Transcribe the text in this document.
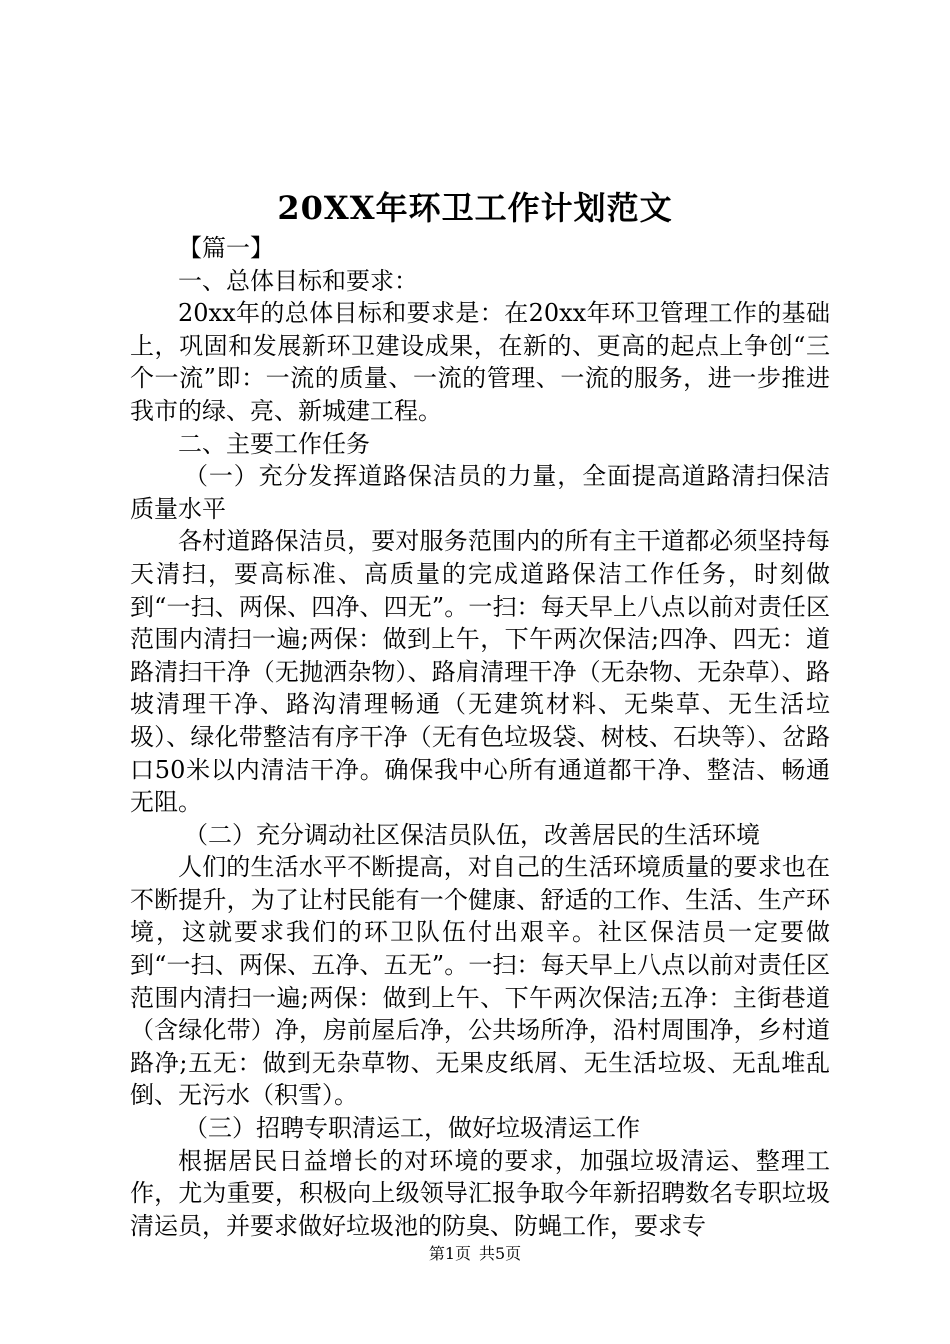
20XX年环卫工作计划范文

【篇一】

一、总体目标和要求：

20xx年的总体目标和要求是：在20xx年环卫管理工作的基础上，巩固和发展新环卫建设成果，在新的、更高的起点上争创“三个一流”即：一流的质量、一流的管理、一流的服务，进一步推进我市的绿、亮、新城建工程。

二、主要工作任务

（一）充分发挥道路保洁员的力量，全面提高道路清扫保洁质量水平

各村道路保洁员，要对服务范围内的所有主干道都必须坚持每天清扫，要高标准、高质量的完成道路保洁工作任务，时刻做到“一扫、两保、四净、四无”。一扫：每天早上八点以前对责任区范围内清扫一遍;两保：做到上午，下午两次保洁;四净、四无：道路清扫干净（无抛洒杂物）、路肩清理干净（无杂物、无杂草）、路坡清理干净、路沟清理畅通（无建筑材料、无柴草、无生活垃圾）、绿化带整洁有序干净（无有色垃圾袋、树枝、石块等）、岔路口50米以内清洁干净。确保我中心所有通道都干净、整洁、畅通无阻。

（二）充分调动社区保洁员队伍，改善居民的生活环境

人们的生活水平不断提高，对自己的生活环境质量的要求也在不断提升，为了让村民能有一个健康、舒适的工作、生活、生产环境，这就要求我们的环卫队伍付出艰辛。社区保洁员一定要做到“一扫、两保、五净、五无”。一扫：每天早上八点以前对责任区范围内清扫一遍;两保：做到上午、下午两次保洁;五净：主街巷道（含绿化带）净，房前屋后净，公共场所净，沿村周围净，乡村道路净;五无：做到无杂草物、无果皮纸屑、无生活垃圾、无乱堆乱倒、无污水（积雪）。

（三）招聘专职清运工，做好垃圾清运工作

根据居民日益增长的对环境的要求，加强垃圾清运、整理工作，尤为重要，积极向上级领导汇报争取今年新招聘数名专职垃圾清运员，并要求做好垃圾池的防臭、防蝇工作，要求专

第1页 共5页
